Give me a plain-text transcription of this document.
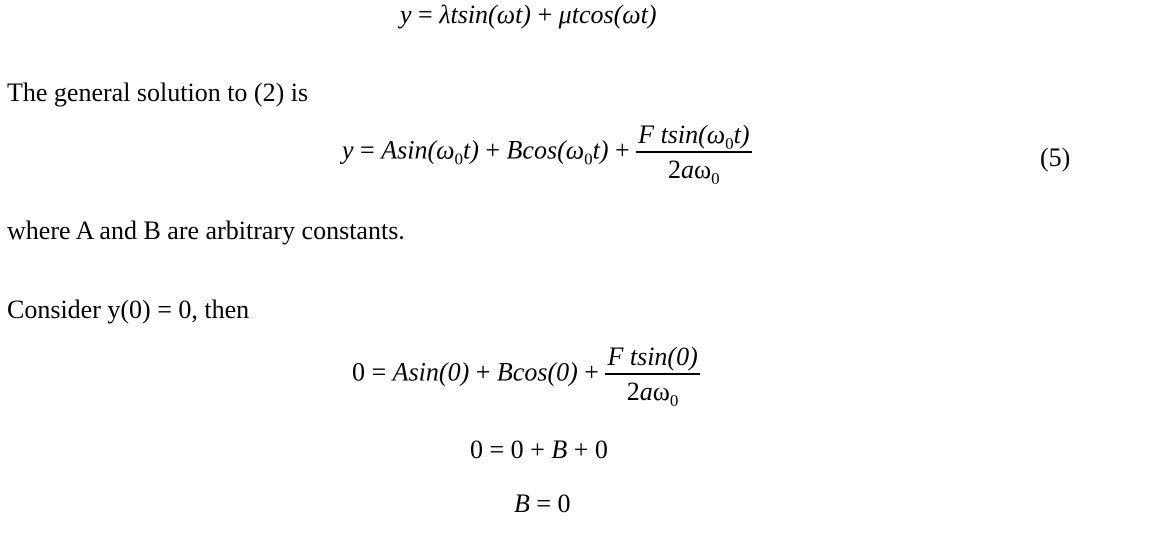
y = λtsin(ωt) + μtcos(ωt)
The general solution to (2) is
$y = Asin(\omega_0t) + Bcos(\omega_0t) + \frac{F tsin(\omega_0t)}{2a\omega_0}$	(5)
where A and B are arbitrary constants.
Consider y(0) = 0, then
$0 = Asin(0) + Bcos(0) + \frac{\text{F tsin(0)}}{2a\omega_0}$
0 = 0 + B + 0
B = 0
